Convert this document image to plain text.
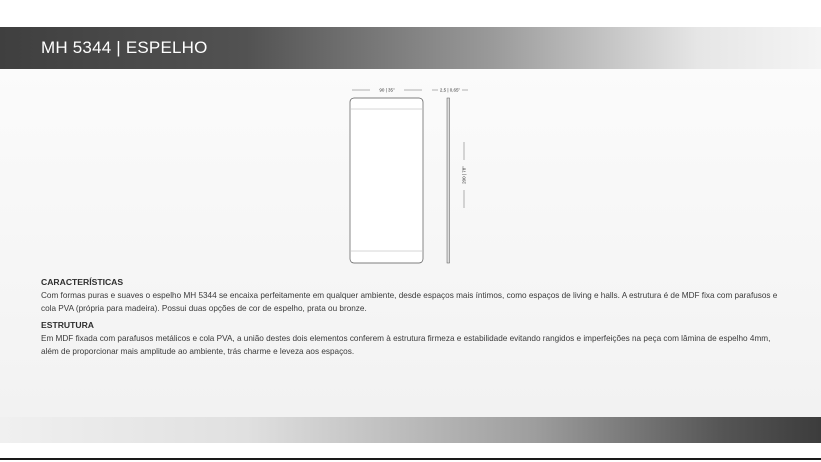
MH 5344 | ESPELHO
90 | 35"	2,5 | 0,65"
200 | 78"
CARACTERÍSTICAS
Com formas puras e suaves o espelho MH 5344 se encaixa perfeitamente em qualquer ambiente, desde espaços mais íntimos, como espaços de living e halls. A estrutura é de MDF fixa com parafusos e cola PVA (própria para madeira). Possui duas opções de cor de espelho, prata ou bronze.
ESTRUTURA
Em MDF fixada com parafusos metálicos e cola PVA, a união destes dois elementos conferem à estrutura firmeza e estabilidade evitando rangidos e imperfeições na peça com lâmina de espelho 4mm, além de proporcionar mais amplitude ao ambiente, trás charme e leveza aos espaços.
